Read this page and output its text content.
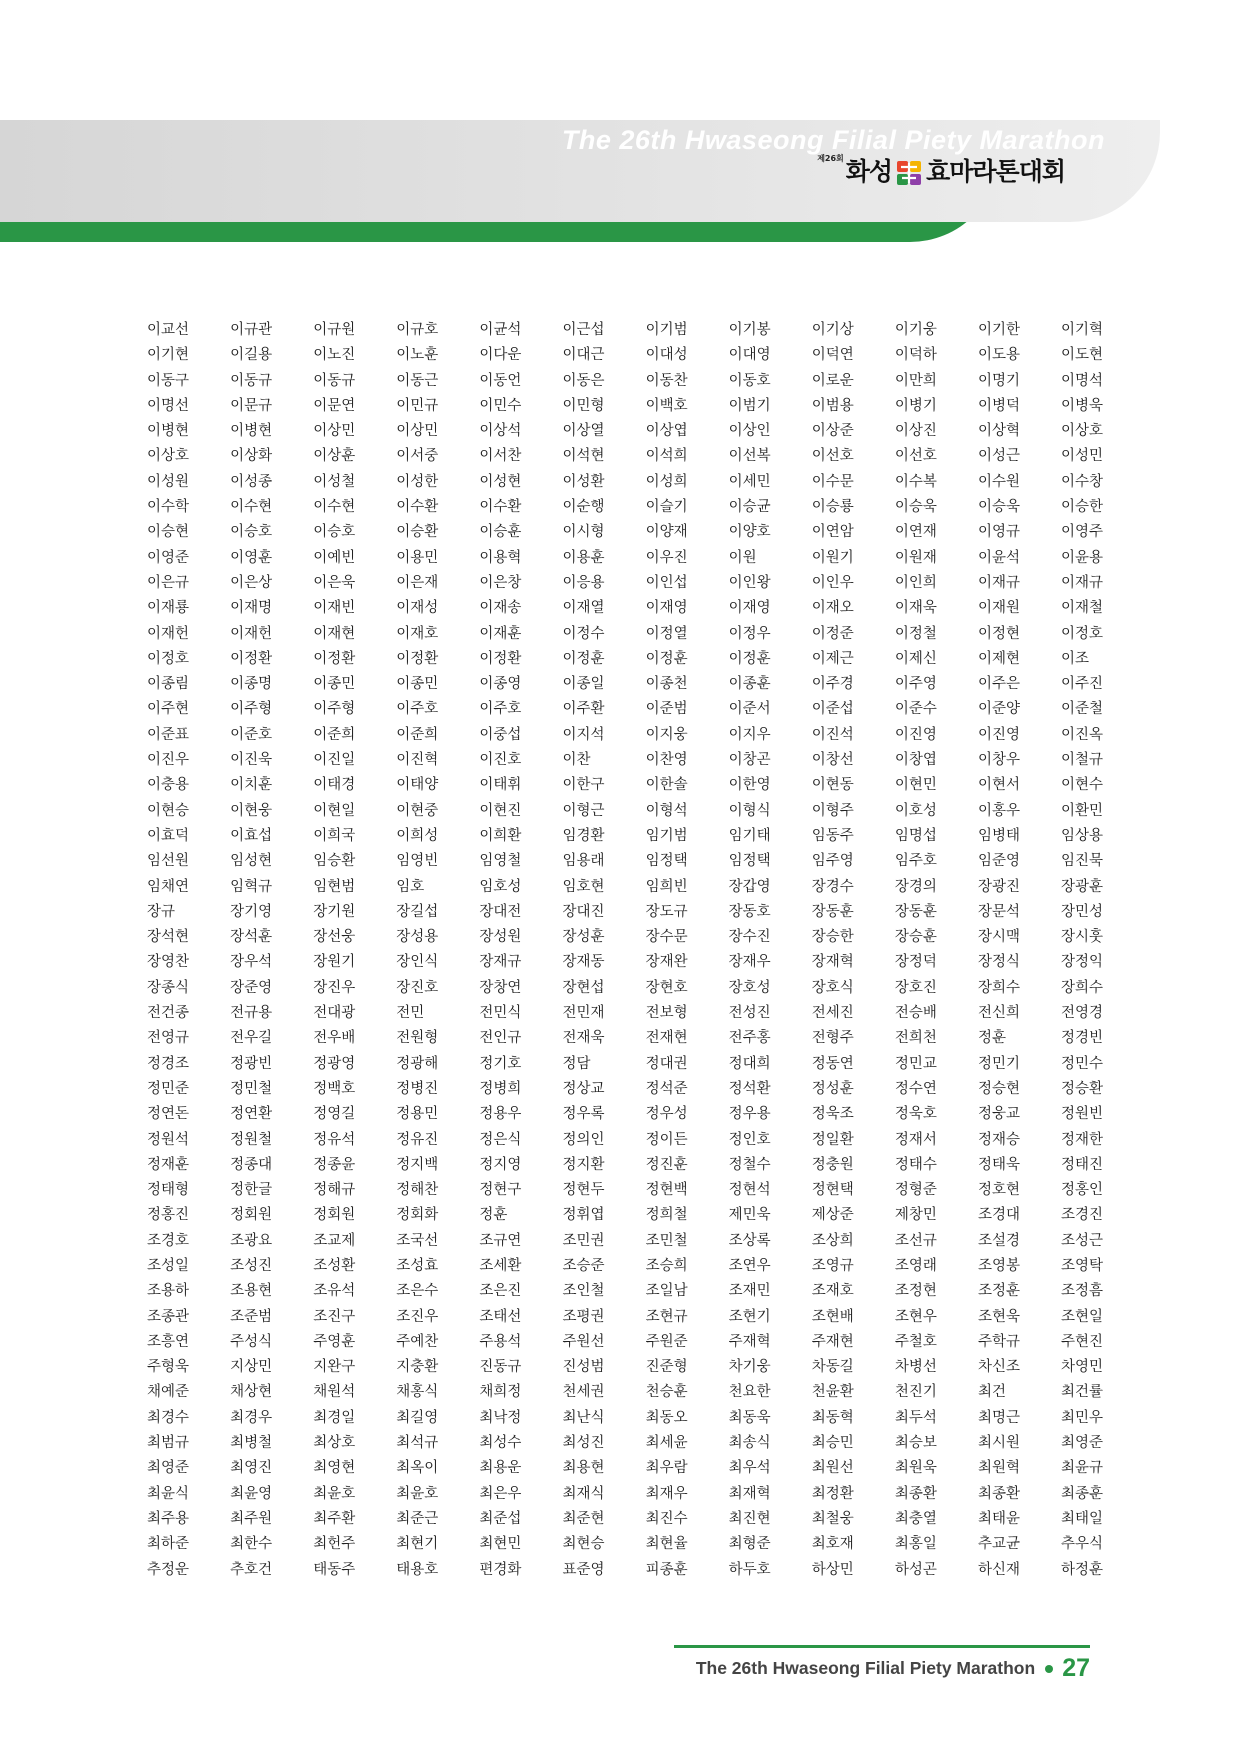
The 26th Hwaseong Filial Piety Marathon
제26회 화성 효마라톤대회
이교선	이규관	이규원	이규호	이균석	이근섭	이기범	이기봉	이기상	이기웅	이기한	이기혁
이기현	이길용	이노진	이노훈	이다운	이대근	이대성	이대영	이덕연	이덕하	이도용	이도현
이동구	이동규	이동규	이동근	이동언	이동은	이동찬	이동호	이로운	이만희	이명기	이명석
이명선	이문규	이문연	이민규	이민수	이민형	이백호	이범기	이범용	이병기	이병덕	이병욱
이병현	이병현	이상민	이상민	이상석	이상열	이상엽	이상인	이상준	이상진	이상혁	이상호
이상호	이상화	이상훈	이서중	이서찬	이석현	이석희	이선복	이선호	이선호	이성근	이성민
이성원	이성종	이성철	이성한	이성현	이성환	이성희	이세민	이수문	이수복	이수원	이수창
이수학	이수현	이수현	이수환	이수환	이순행	이슬기	이승균	이승룡	이승욱	이승욱	이승한
이승현	이승호	이승호	이승환	이승훈	이시형	이양재	이양호	이연암	이연재	이영규	이영주
이영준	이영훈	이예빈	이용민	이용혁	이용훈	이우진	이원	이원기	이원재	이윤석	이윤용
이은규	이은상	이은욱	이은재	이은창	이응용	이인섭	이인왕	이인우	이인희	이재규	이재규
이재룡	이재명	이재빈	이재성	이재송	이재열	이재영	이재영	이재오	이재욱	이재원	이재철
이재헌	이재헌	이재현	이재호	이재훈	이정수	이정열	이정우	이정준	이정철	이정현	이정호
이정호	이정환	이정환	이정환	이정환	이정훈	이정훈	이정훈	이제근	이제신	이제현	이조
이종림	이종명	이종민	이종민	이종영	이종일	이종천	이종훈	이주경	이주영	이주은	이주진
이주현	이주형	이주형	이주호	이주호	이주환	이준범	이준서	이준섭	이준수	이준양	이준철
이준표	이준호	이준희	이준희	이중섭	이지석	이지웅	이지우	이진석	이진영	이진영	이진옥
이진우	이진욱	이진일	이진혁	이진호	이찬	이찬영	이창곤	이창선	이창엽	이창우	이철규
이충용	이치훈	이태경	이태양	이태휘	이한구	이한솔	이한영	이현동	이현민	이현서	이현수
이현승	이현웅	이현일	이현중	이현진	이형근	이형석	이형식	이형주	이호성	이홍우	이환민
이효덕	이효섭	이희국	이희성	이희환	임경환	임기범	임기태	임동주	임명섭	임병태	임상용
임선원	임성현	임승환	임영빈	임영철	임용래	임정택	임정택	임주영	임주호	임준영	임진묵
임채연	임혁규	임현범	임호	임호성	임호현	임희빈	장갑영	장경수	장경의	장광진	장광훈
장규	장기영	장기원	장길섭	장대전	장대진	장도규	장동호	장동훈	장동훈	장문석	장민성
장석현	장석훈	장선웅	장성용	장성원	장성훈	장수문	장수진	장승한	장승훈	장시맥	장시훗
장영찬	장우석	장원기	장인식	장재규	장재동	장재완	장재우	장재혁	장정덕	장정식	장정익
장종식	장준영	장진우	장진호	장창연	장현섭	장현호	장호성	장호식	장호진	장희수	장희수
전건종	전규용	전대광	전민	전민식	전민재	전보형	전성진	전세진	전승배	전신희	전영경
전영규	전우길	전우배	전원형	전인규	전재욱	전재현	전주홍	전형주	전희천	정훈	정경빈
정경조	정광빈	정광영	정광해	정기호	정담	정대권	정대희	정동연	정민교	정민기	정민수
정민준	정민철	정백호	정병진	정병희	정상교	정석준	정석환	정성훈	정수연	정승현	정승환
정연돈	정연환	정영길	정용민	정용우	정우록	정우성	정우용	정욱조	정욱호	정웅교	정원빈
정원석	정원철	정유석	정유진	정은식	정의인	정이든	정인호	정일환	정재서	정재승	정재한
정재훈	정종대	정종윤	정지백	정지영	정지환	정진훈	정철수	정충원	정태수	정태욱	정태진
정태형	정한글	정해규	정해찬	정현구	정현두	정현백	정현석	정현택	정형준	정호현	정홍인
정홍진	정회원	정회원	정회화	정훈	정휘엽	정희철	제민욱	제상준	제창민	조경대	조경진
조경호	조광요	조교제	조국선	조규연	조민권	조민철	조상록	조상희	조선규	조설경	조성근
조성일	조성진	조성환	조성효	조세환	조승준	조승희	조연우	조영규	조영래	조영봉	조영탁
조용하	조용현	조유석	조은수	조은진	조인철	조일남	조재민	조재호	조정현	조정훈	조정흠
조종관	조준범	조진구	조진우	조태선	조평권	조현규	조현기	조현배	조현우	조현욱	조현일
조흥연	주성식	주영훈	주예찬	주용석	주원선	주원준	주재혁	주재현	주철호	주학규	주현진
주형욱	지상민	지완구	지충환	진동규	진성범	진준형	차기웅	차동길	차병선	차신조	차영민
채예준	채상현	채원석	채홍식	채희정	천세권	천승훈	천요한	천윤환	천진기	최건	최건률
최경수	최경우	최경일	최길영	최낙정	최난식	최동오	최동욱	최동혁	최두석	최명근	최민우
최범규	최병철	최상호	최석규	최성수	최성진	최세윤	최송식	최승민	최승보	최시원	최영준
최영준	최영진	최영현	최옥이	최용운	최용현	최우람	최우석	최원선	최원욱	최원혁	최윤규
최윤식	최윤영	최윤호	최윤호	최은우	최재식	최재우	최재혁	최정환	최종환	최종환	최종훈
최주용	최주원	최주환	최준근	최준섭	최준현	최진수	최진현	최철웅	최충열	최태윤	최태일
최하준	최한수	최헌주	최현기	최현민	최현승	최현율	최형준	최호재	최홍일	추교균	추우식
추정운	추호건	태동주	태용호	편경화	표준영	피종훈	하두호	하상민	하성곤	하신재	하정훈
The 26th Hwaseong Filial Piety Marathon 27
